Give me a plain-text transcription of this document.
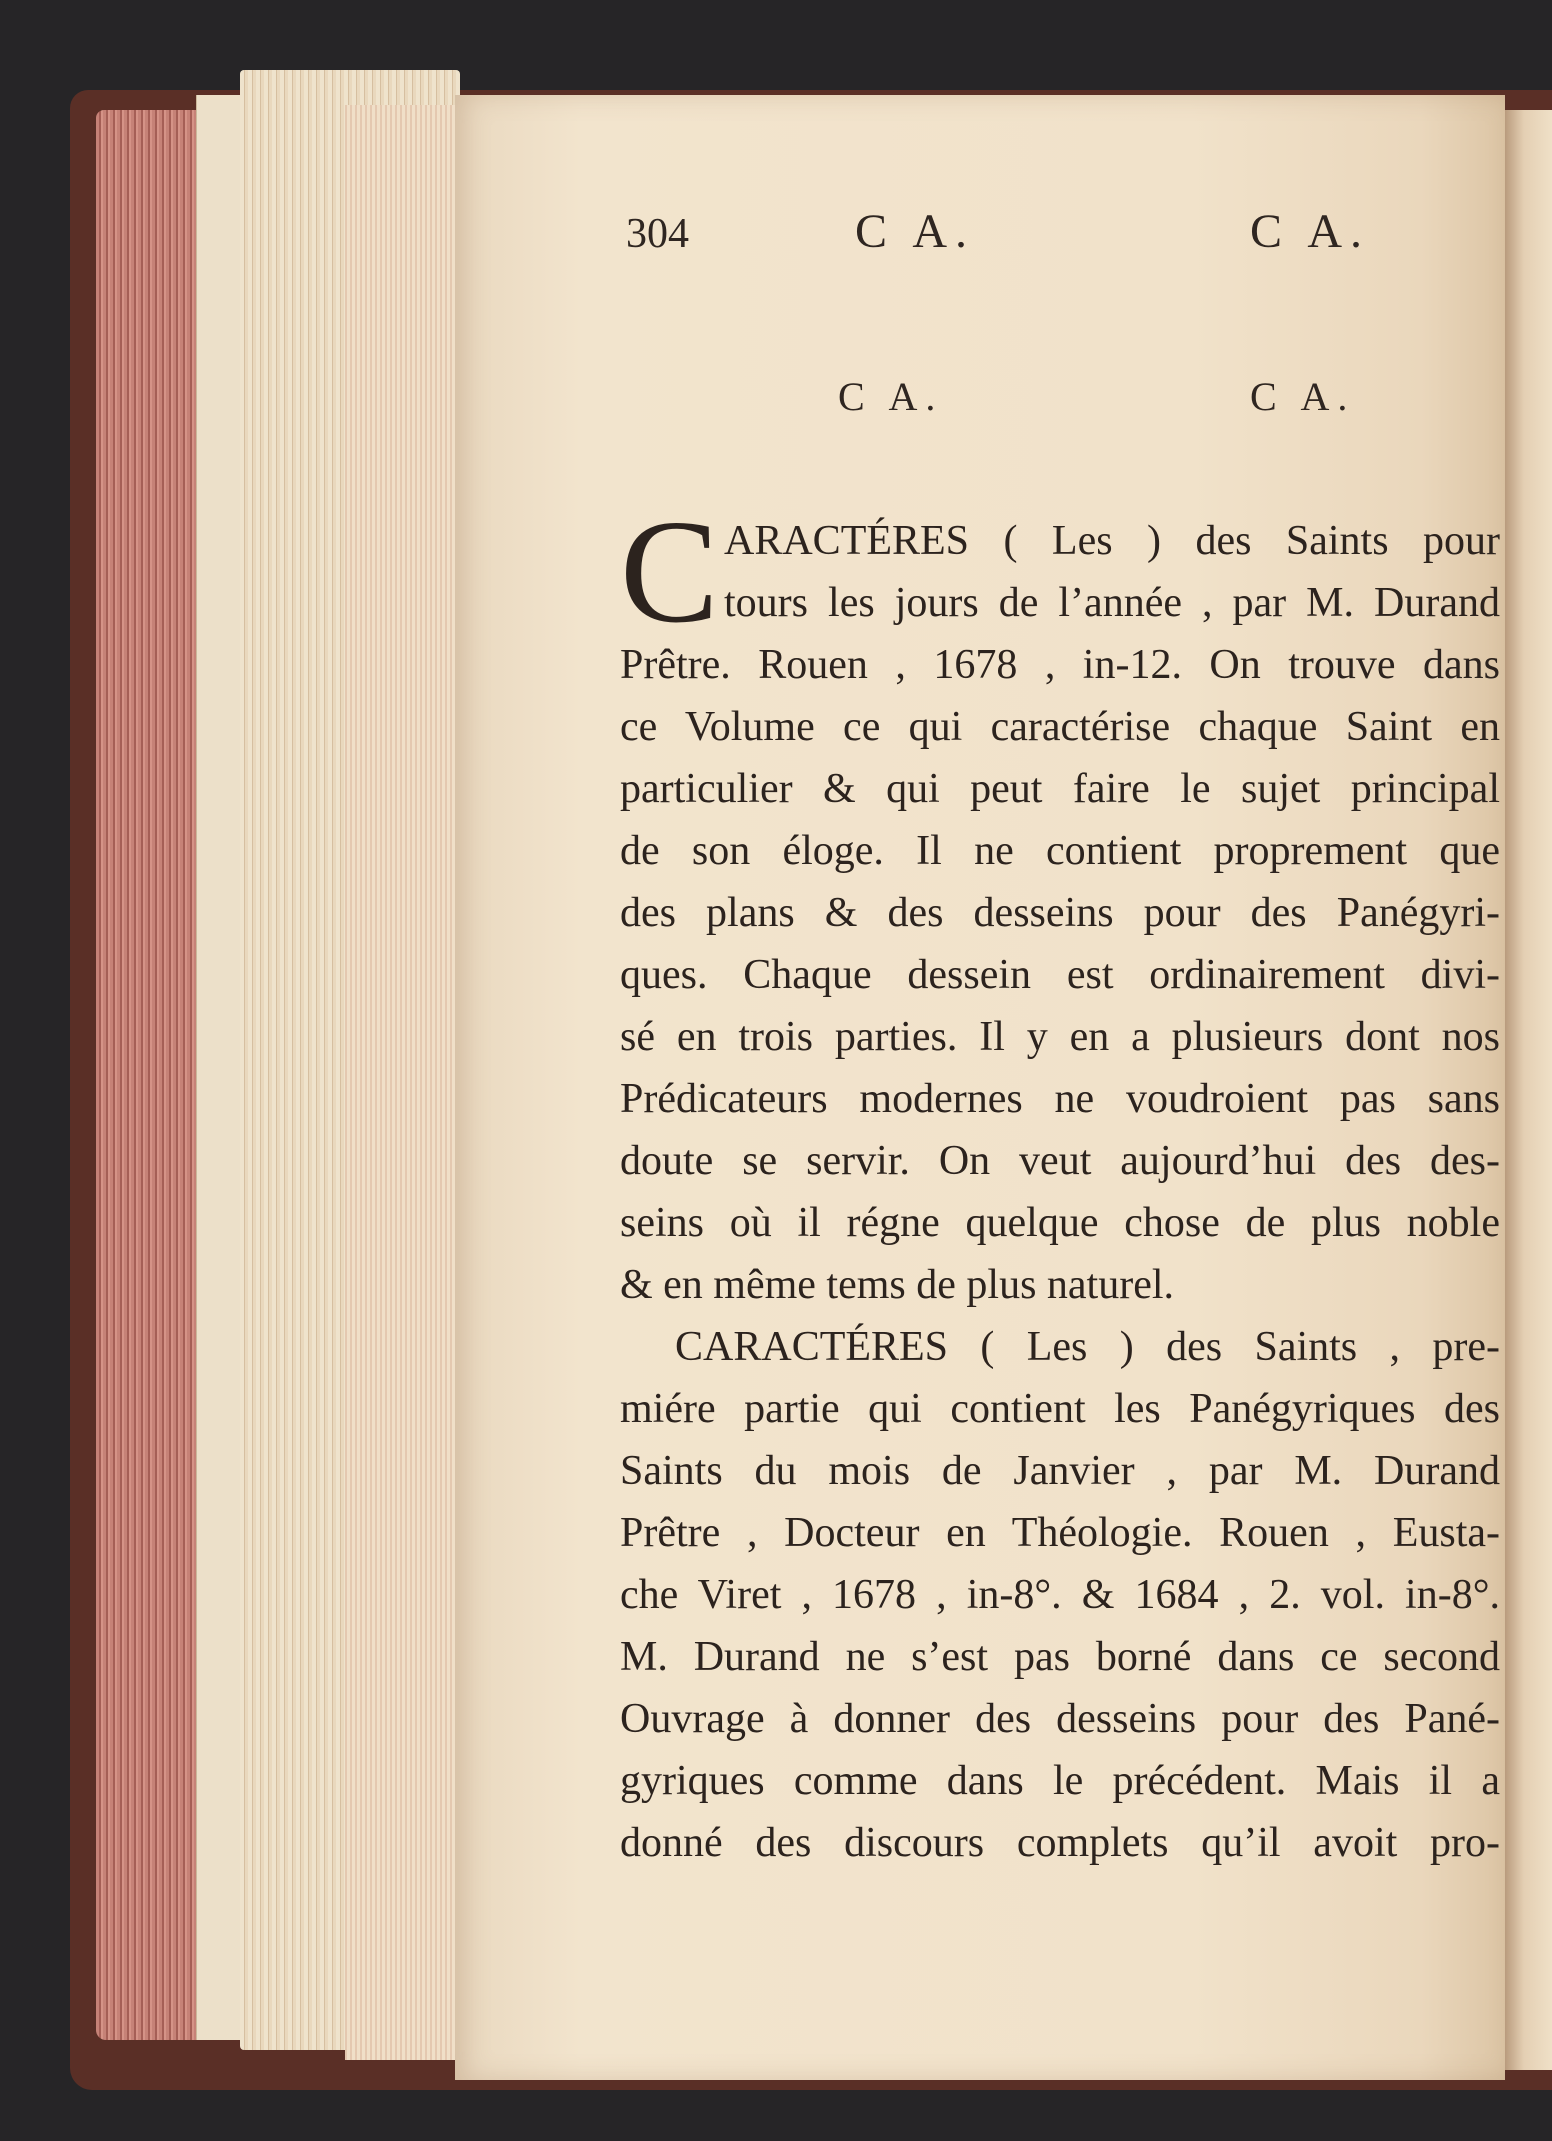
304	C A.	C A.
C A.	C A.
C ARACTÉRES ( Les ) des Saints pour
tours les jours de l’année , par M. Durand
Prêtre. Rouen , 1678 , in-12. On trouve dans
ce Volume ce qui caractérise chaque Saint en
particulier & qui peut faire le sujet principal
de son éloge. Il ne contient proprement que
des plans & des desseins pour des Panégyri-
ques. Chaque dessein est ordinairement divi-
sé en trois parties. Il y en a plusieurs dont nos
Prédicateurs modernes ne voudroient pas sans
doute se servir. On veut aujourd’hui des des-
seins où il régne quelque chose de plus noble
& en même tems de plus naturel.
CARACTÉRES ( Les ) des Saints , pre-
miére partie qui contient les Panégyriques des
Saints du mois de Janvier , par M. Durand
Prêtre , Docteur en Théologie. Rouen , Eusta-
che Viret , 1678 , in-8°. & 1684 , 2. vol. in-8°.
M. Durand ne s’est pas borné dans ce second
Ouvrage à donner des desseins pour des Pané-
gyriques comme dans le précédent. Mais il a
donné des discours complets qu’il avoit pro-
